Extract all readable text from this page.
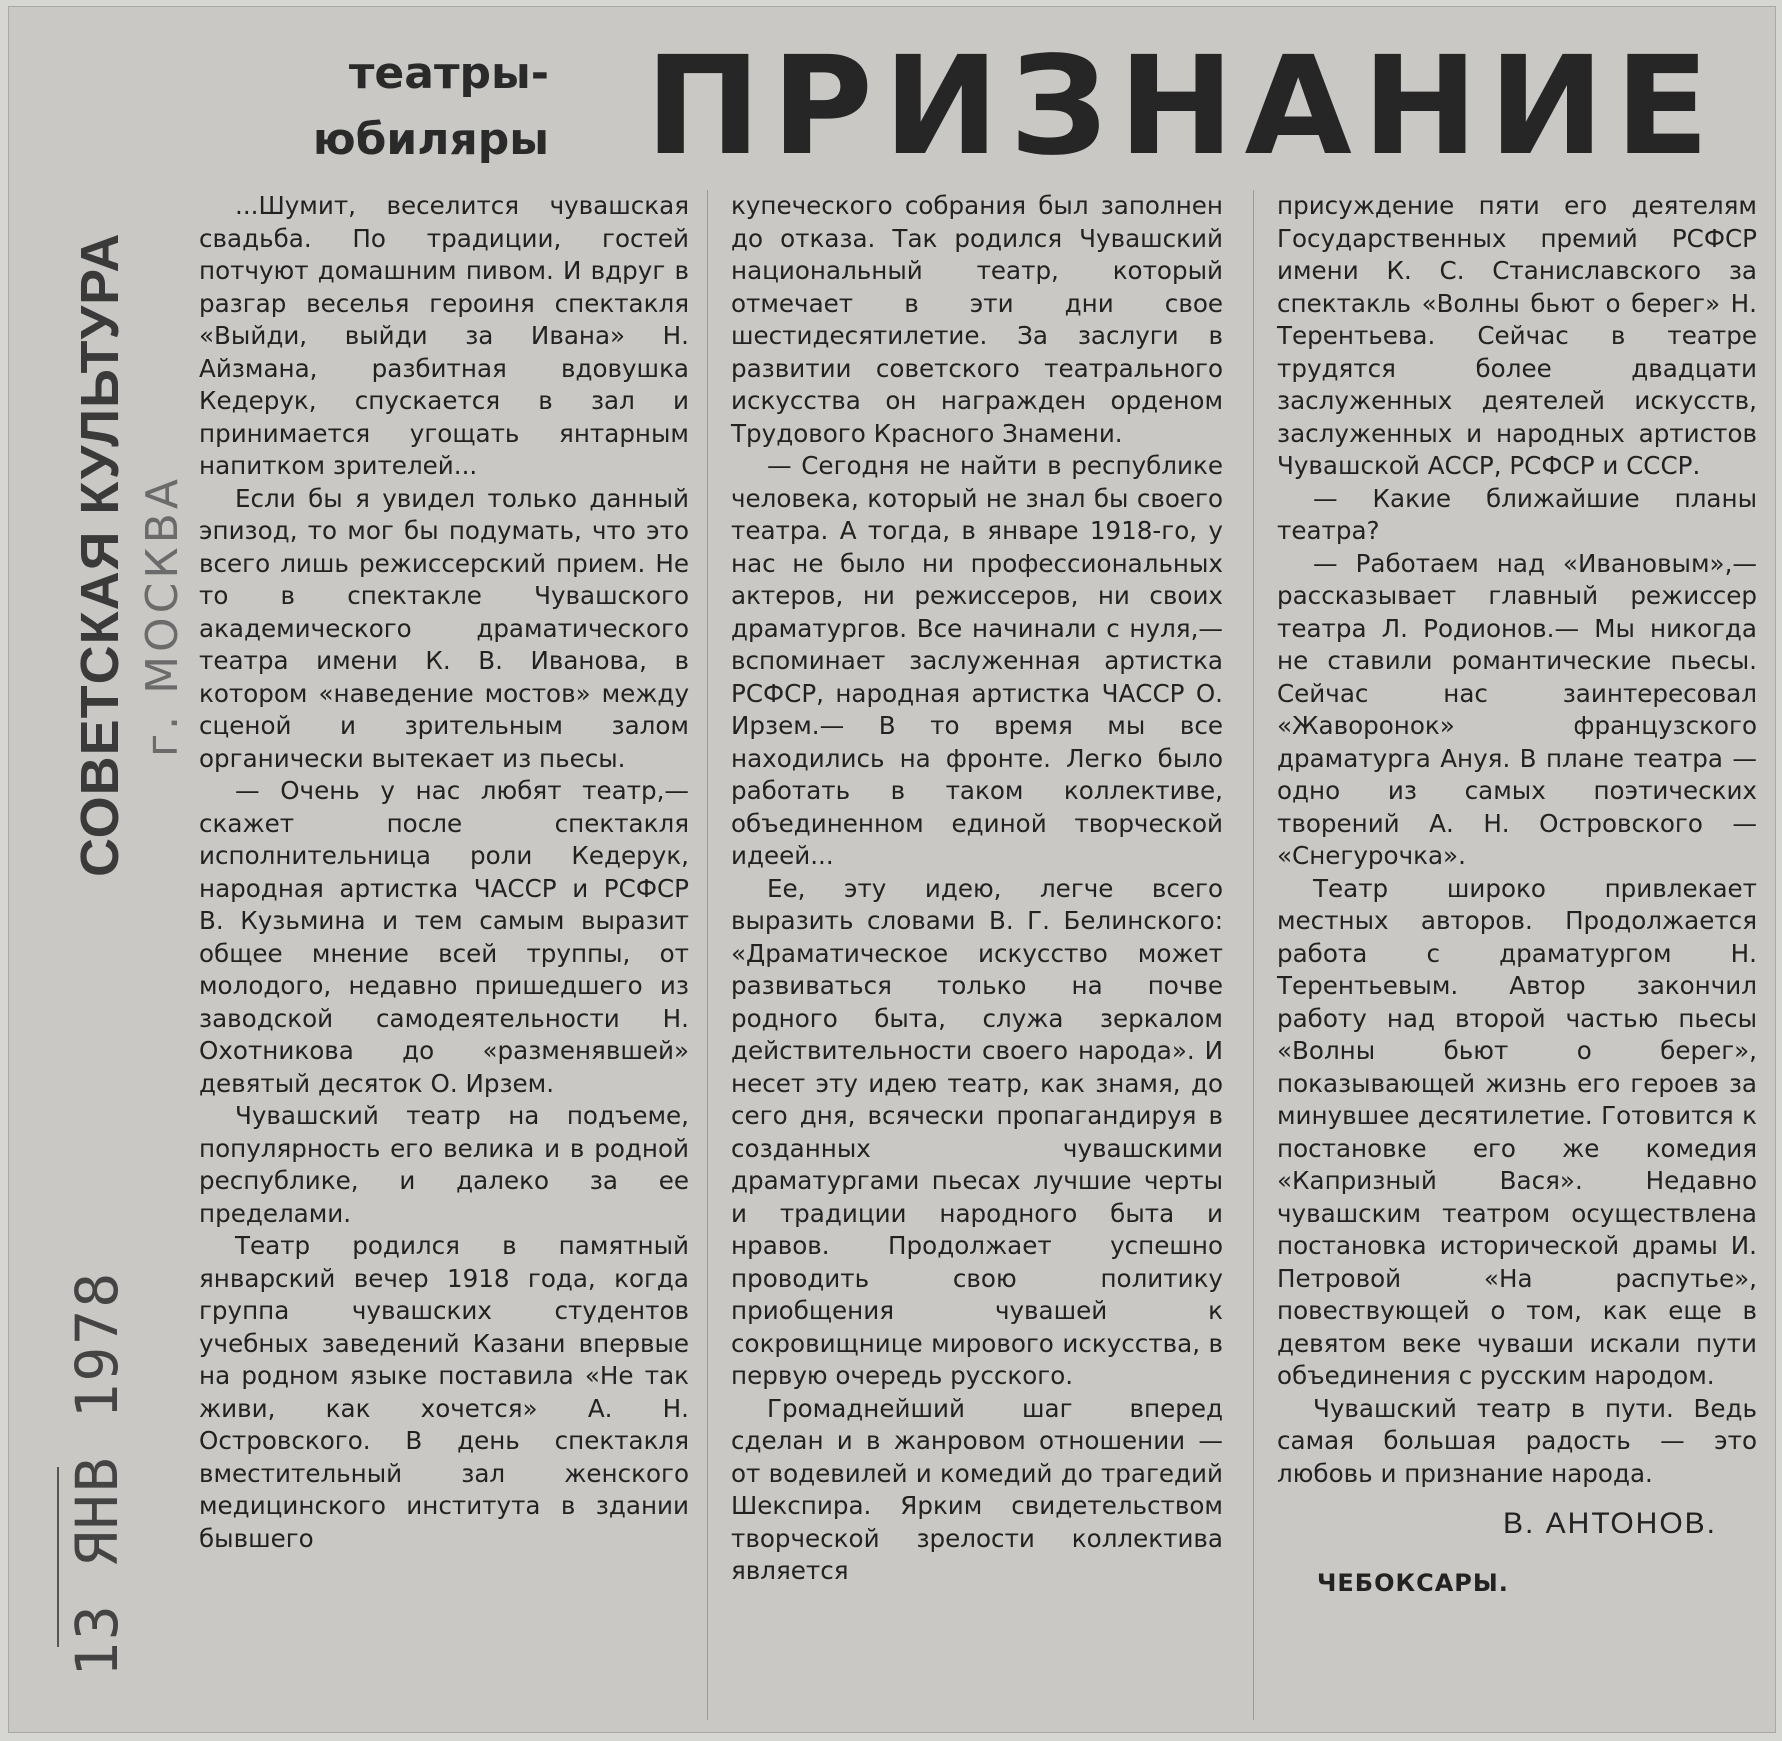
СОВЕТСКАЯ КУЛЬТУРА г. МОСКВА
13 ЯНВ 1978
театры-юбиляры ПРИЗНАНИЕ

...Шумит, веселится чувашская свадьба. По традиции, гостей потчуют домашним пивом. И вдруг в разгар веселья героиня спектакля «Выйди, выйди за Ивана» Н. Айзмана, разбитная вдовушка Кедерук, спускается в зал и принимается угощать янтарным напитком зрителей...

Если бы я увидел только данный эпизод, то мог бы подумать, что это всего лишь режиссерский прием. Не то в спектакле Чувашского академического драматического театра имени К. В. Иванова, в котором «наведение мостов» между сценой и зрительным залом органически вытекает из пьесы.

— Очень у нас любят театр,— скажет после спектакля исполнительница роли Кедерук, народная артистка ЧАССР и РСФСР В. Кузьмина и тем самым выразит общее мнение всей труппы, от молодого, недавно пришедшего из заводской самодеятельности Н. Охотникова до «разменявшей» девятый десяток О. Ирзем.

Чувашский театр на подъеме, популярность его велика и в родной республике, и далеко за ее пределами.

Театр родился в памятный январский вечер 1918 года, когда группа чувашских студентов учебных заведений Казани впервые на родном языке поставила «Не так живи, как хочется» А. Н. Островского. В день спектакля вместительный зал женского медицинского института в здании бывшего

купеческого собрания был заполнен до отказа. Так родился Чувашский национальный театр, который отмечает в эти дни свое шестидесятилетие. За заслуги в развитии советского театрального искусства он награжден орденом Трудового Красного Знамени.

— Сегодня не найти в республике человека, который не знал бы своего театра. А тогда, в январе 1918-го, у нас не было ни профессиональных актеров, ни режиссеров, ни своих драматургов. Все начинали с нуля,— вспоминает заслуженная артистка РСФСР, народная артистка ЧАССР О. Ирзем.— В то время мы все находились на фронте. Легко было работать в таком коллективе, объединенном единой творческой идеей...

Ее, эту идею, легче всего выразить словами В. Г. Белинского: «Драматическое искусство может развиваться только на почве родного быта, служа зеркалом действительности своего народа». И несет эту идею театр, как знамя, до сего дня, всячески пропагандируя в созданных чувашскими драматургами пьесах лучшие черты и традиции народного быта и нравов. Продолжает успешно проводить свою политику приобщения чувашей к сокровищнице мирового искусства, в первую очередь русского.

Громаднейший шаг вперед сделан и в жанровом отношении — от водевилей и комедий до трагедий Шекспира. Ярким свидетельством творческой зрелости коллектива является

присуждение пяти его деятелям Государственных премий РСФСР имени К. С. Станиславского за спектакль «Волны бьют о берег» Н. Терентьева. Сейчас в театре трудятся более двадцати заслуженных деятелей искусств, заслуженных и народных артистов Чувашской АССР, РСФСР и СССР.

— Какие ближайшие планы театра?

— Работаем над «Ивановым»,— рассказывает главный режиссер театра Л. Родионов.— Мы никогда не ставили романтические пьесы. Сейчас нас заинтересовал «Жаворонок» французского драматурга Ануя. В плане театра — одно из самых поэтических творений А. Н. Островского — «Снегурочка».

Театр широко привлекает местных авторов. Продолжается работа с драматургом Н. Терентьевым. Автор закончил работу над второй частью пьесы «Волны бьют о берег», показывающей жизнь его героев за минувшее десятилетие. Готовится к постановке его же комедия «Капризный Вася». Недавно чувашским театром осуществлена постановка исторической драмы И. Петровой «На распутье», повествующей о том, как еще в девятом веке чуваши искали пути объединения с русским народом.

Чувашский театр в пути. Ведь самая большая радость — это любовь и признание народа.

В. АНТОНОВ.
ЧЕБОКСАРЫ.
